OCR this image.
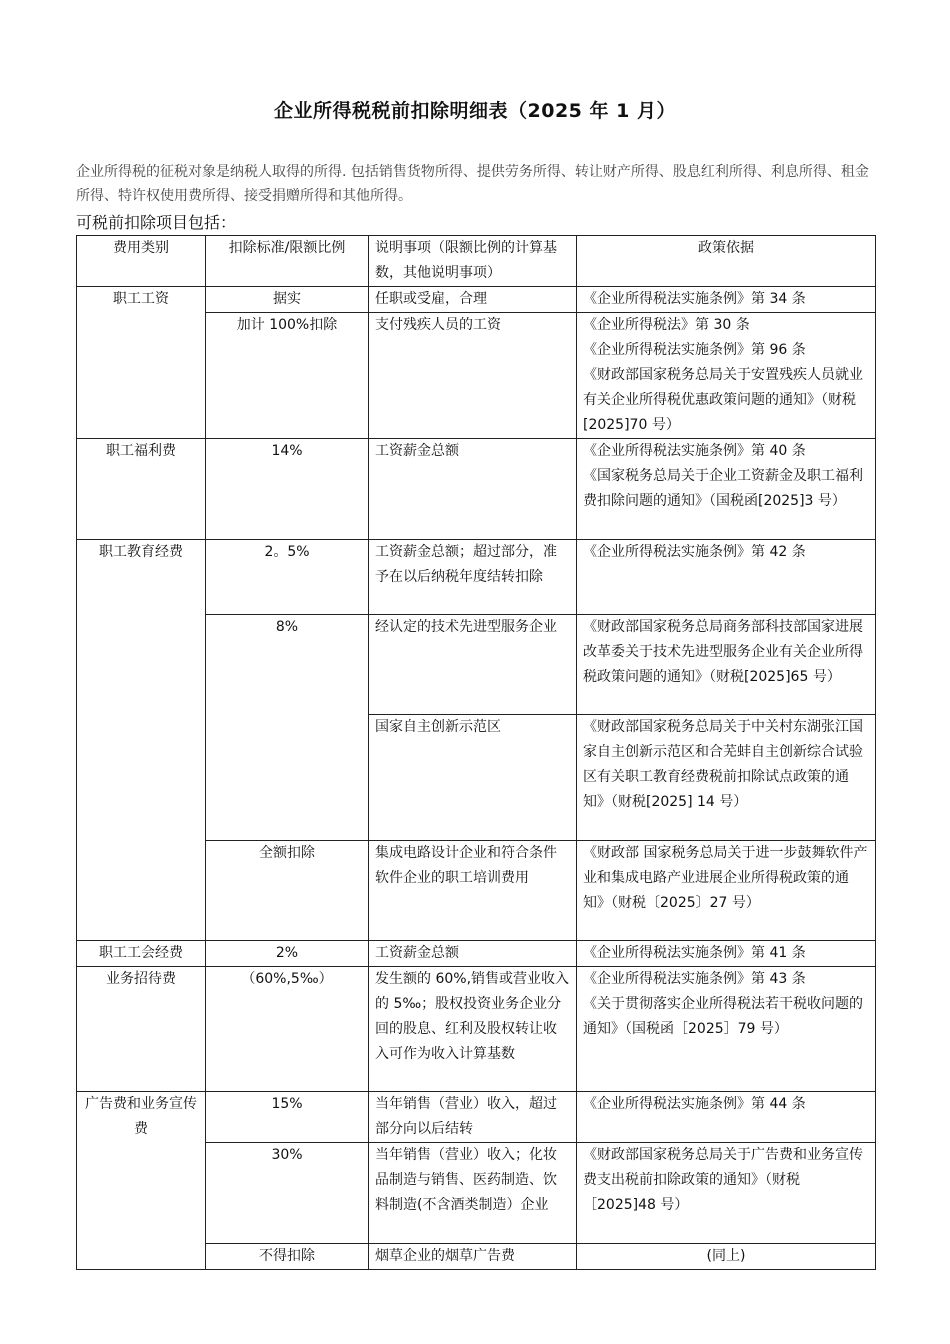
企业所得税税前扣除明细表（2025 年 1 月）

企业所得税的征税对象是纳税人取得的所得. 包括销售货物所得、提供劳务所得、转让财产所得、股息红利所得、利息所得、租金所得、特许权使用费所得、接受捐赠所得和其他所得。

可税前扣除项目包括：

费用类别	扣除标准/限额比例	说明事项（限额比例的计算基数，其他说明事项）	政策依据
职工工资	据实	任职或受雇，合理	《企业所得税法实施条例》第 34 条

	加计 100%扣除	支付残疾人员的工资	《企业所得税法》第 30 条
《企业所得税法实施条例》第 96 条
《财政部国家税务总局关于安置残疾人员就业有关企业所得税优惠政策问题的通知》（财税[2025]70 号）

职工福利费	14%	工资薪金总额	《企业所得税法实施条例》第 40 条
《国家税务总局关于企业工资薪金及职工福利费扣除问题的通知》（国税函[2025]3 号）

职工教育经费	2。5%	工资薪金总额；超过部分，准予在以后纳税年度结转扣除	《企业所得税法实施条例》第 42 条

	8%	经认定的技术先进型服务企业	《财政部国家税务总局商务部科技部国家进展改革委关于技术先进型服务企业有关企业所得税政策问题的通知》（财税[2025]65 号）

		国家自主创新示范区	《财政部国家税务总局关于中关村东湖张江国家自主创新示范区和合芜蚌自主创新综合试验区有关职工教育经费税前扣除试点政策的通知》（财税[2025] 14 号）

	全额扣除	集成电路设计企业和符合条件软件企业的职工培训费用	《财政部 国家税务总局关于进一步鼓舞软件产业和集成电路产业进展企业所得税政策的通知》（财税〔2025〕27 号）

职工工会经费	2%	工资薪金总额	《企业所得税法实施条例》第 41 条

业务招待费	（60%,5‰）	发生额的 60%,销售或营业收入的 5‰；股权投资业务企业分回的股息、红利及股权转让收入可作为收入计算基数	《企业所得税法实施条例》第 43 条
《关于贯彻落实企业所得税法若干税收问题的通知》（国税函［2025］79 号）

广告费和业务宣传费	15%	当年销售（营业）收入，超过部分向以后结转	《企业所得税法实施条例》第 44 条

	30%	当年销售（营业）收入；化妆品制造与销售、医药制造、饮料制造(不含酒类制造）企业	《财政部国家税务总局关于广告费和业务宣传费支出税前扣除政策的通知》（财税［2025]48 号）

	不得扣除	烟草企业的烟草广告费	(同上)
